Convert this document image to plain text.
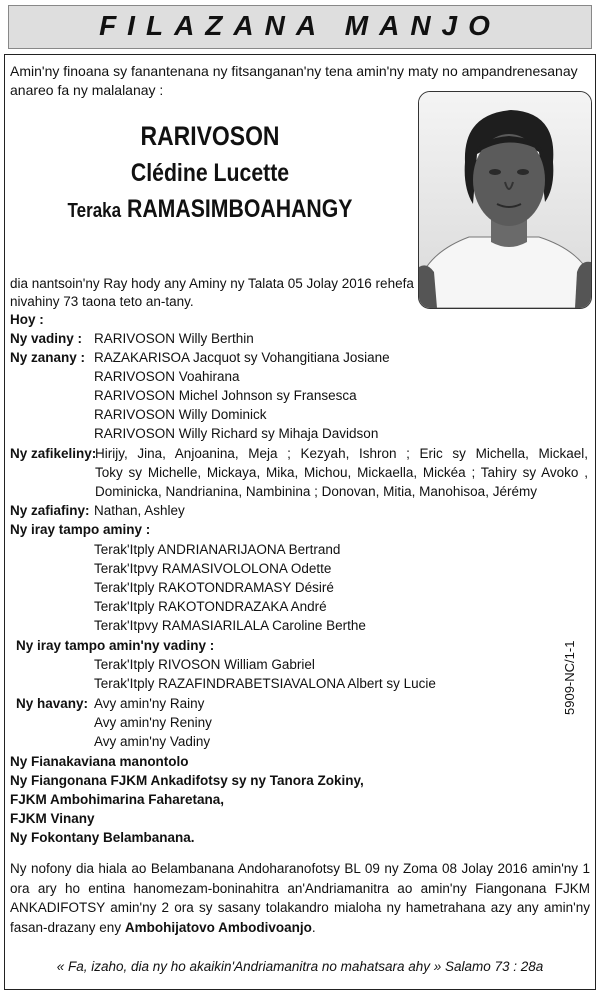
FILAZANA MANJO
Amin'ny finoana sy fanantenana ny fitsanganan'ny tena amin'ny maty no ampandrenesanay anareo fa ny malalanay :
RARIVOSON
Clédine Lucette
Teraka RAMASIMBOAHANGY
dia nantsoin'ny Ray hody any Aminy ny Talata 05 Jolay 2016 rehefa
nivahiny 73 taona teto an-tany.
Hoy :
Ny vadiny : RARIVOSON Willy Berthin
Ny zanany : RAZAKARISOA Jacquot sy Vohangitiana Josiane
RARIVOSON Voahirana
RARIVOSON Michel Johnson sy Fransesca
RARIVOSON Willy Dominick
RARIVOSON Willy Richard sy Mihaja Davidson
Ny zafikeliny:
Hirijy, Jina, Anjoanina, Meja ; Kezyah, Ishron ; Eric sy Michella, Mickael,
Toky sy Michelle, Mickaya, Mika, Michou, Mickaella, Mickéa ; Tahiry sy Avoko ,
Dominicka, Nandrianina, Nambinina ; Donovan, Mitia, Manohisoa, Jérémy
Ny zafiafiny: Nathan, Ashley
Ny iray tampo aminy :
Terak'Itply ANDRIANARIJAONA Bertrand
Terak'Itpvy RAMASIVOLOLONA Odette
Terak'Itply RAKOTONDRAMASY Désiré
Terak'Itply RAKOTONDRAZAKA André
Terak'Itpvy RAMASIARILALA Caroline Berthe
Ny iray tampo amin'ny vadiny :
Terak'Itply RIVOSON William Gabriel
Terak'Itply RAZAFINDRABETSIAVALONA Albert sy Lucie
Ny havany: Avy amin'ny Rainy
Avy amin'ny Reniny
Avy amin'ny Vadiny
Ny Fianakaviana manontolo
Ny Fiangonana FJKM Ankadifotsy sy ny Tanora Zokiny,
FJKM Ambohimarina Faharetana,
FJKM Vinany
Ny Fokontany Belambanana.
5909-NC/1-1
Ny nofony dia hiala ao Belambanana Andoharanofotsy BL 09 ny Zoma 08 Jolay 2016 amin'ny 1 ora ary ho entina hanomezam-boninahitra an'Andriamanitra ao amin'ny Fiangonana FJKM ANKADIFOTSY amin'ny 2 ora sy sasany tolakandro mialoha ny hametrahana azy any amin'ny fasan-drazany eny Ambohijatovo Ambodivoanjo.
« Fa, izaho, dia ny ho akaikin'Andriamanitra no mahatsara ahy » Salamo 73 : 28a
